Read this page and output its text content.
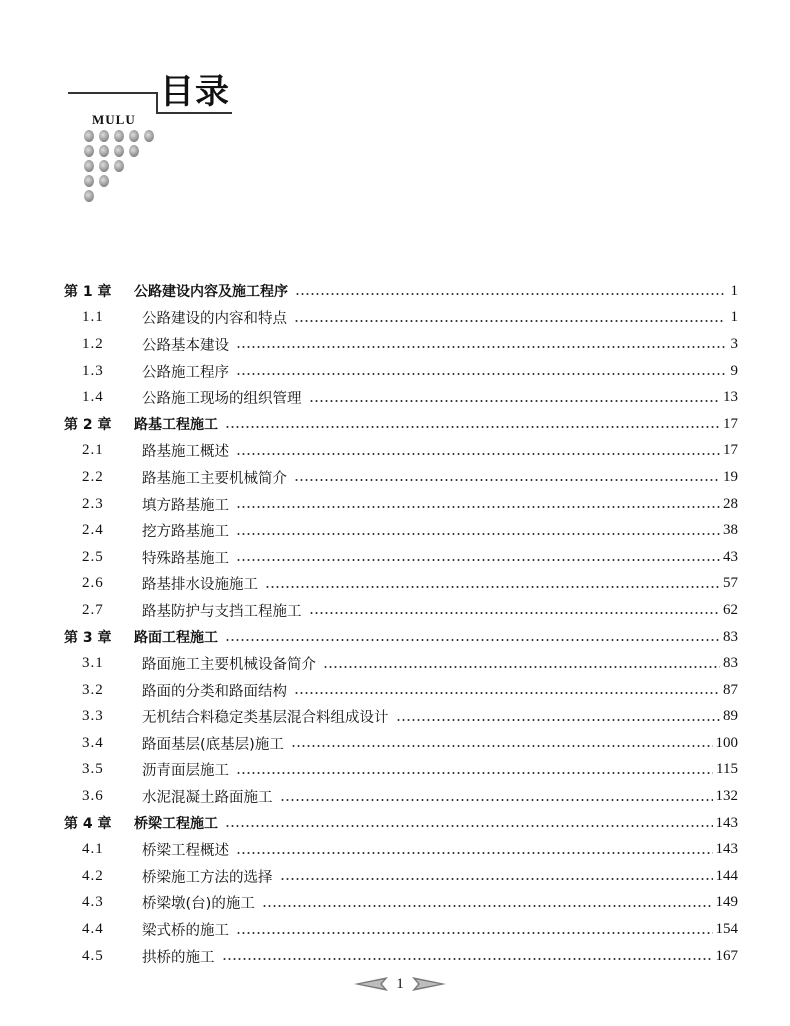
目录
MULU
第 1 章	公路建设内容及施工程序	1
1.1	公路建设的内容和特点	1
1.2	公路基本建设	3
1.3	公路施工程序	9
1.4	公路施工现场的组织管理	13
第 2 章	路基工程施工	17
2.1	路基施工概述	17
2.2	路基施工主要机械简介	19
2.3	填方路基施工	28
2.4	挖方路基施工	38
2.5	特殊路基施工	43
2.6	路基排水设施施工	57
2.7	路基防护与支挡工程施工	62
第 3 章	路面工程施工	83
3.1	路面施工主要机械设备简介	83
3.2	路面的分类和路面结构	87
3.3	无机结合料稳定类基层混合料组成设计	89
3.4	路面基层(底基层)施工	100
3.5	沥青面层施工	115
3.6	水泥混凝土路面施工	132
第 4 章	桥梁工程施工	143
4.1	桥梁工程概述	143
4.2	桥梁施工方法的选择	144
4.3	桥梁墩(台)的施工	149
4.4	梁式桥的施工	154
4.5	拱桥的施工	167
1
